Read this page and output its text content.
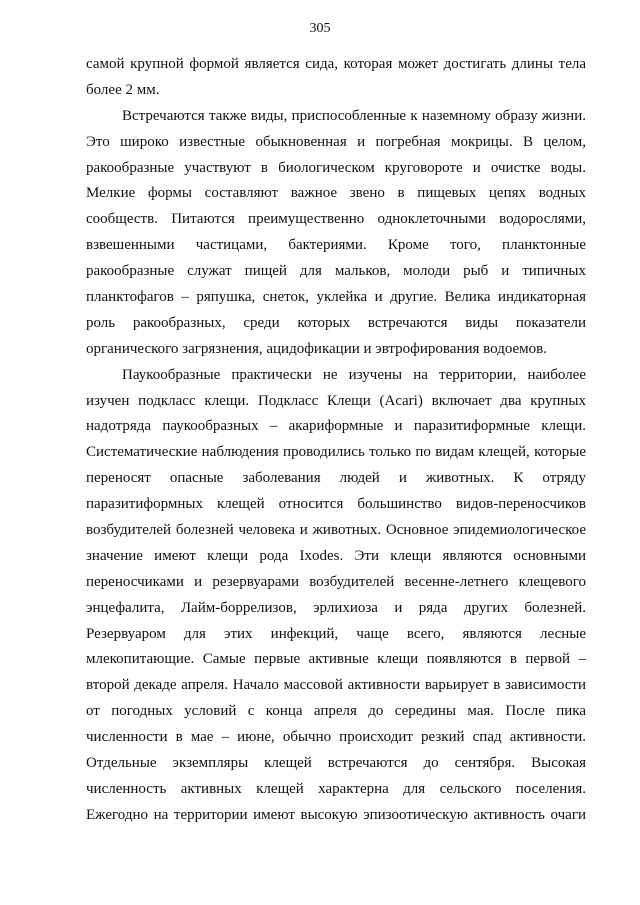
305
самой крупной формой является сида, которая может достигать длины тела
более 2 мм.
Встречаются также виды, приспособленные к наземному образу жизни.
Это широко известные обыкновенная и погребная мокрицы. В целом,
ракообразные участвуют в биологическом круговороте и очистке воды.
Мелкие формы составляют важное звено в пищевых цепях водных
сообществ. Питаются преимущественно одноклеточными водорослями,
взвешенными частицами, бактериями. Кроме того, планктонные
ракообразные служат пищей для мальков, молоди рыб и типичных
планктофагов – ряпушка, снеток, уклейка и другие. Велика индикаторная
роль ракообразных, среди которых встречаются виды показатели
органического загрязнения, ацидофикации и эвтрофирования водоемов.
Паукообразные практически не изучены на территории, наиболее
изучен подкласс клещи. Подкласс Клещи (Acari) включает два крупных
надотряда паукообразных – акариформные и паразитиформные клещи.
Систематические наблюдения проводились только по видам клещей, которые
переносят опасные заболевания людей и животных. К отряду
паразитиформных клещей относится большинство видов-переносчиков
возбудителей болезней человека и животных. Основное эпидемиологическое
значение имеют клещи рода Ixodes. Эти клещи являются основными
переносчиками и резервуарами возбудителей весенне-летнего клещевого
энцефалита, Лайм-боррелизов, эрлихиоза и ряда других болезней.
Резервуаром для этих инфекций, чаще всего, являются лесные
млекопитающие. Самые первые активные клещи появляются в первой –
второй декаде апреля. Начало массовой активности варьирует в зависимости
от погодных условий с конца апреля до середины мая. После пика
численности в мае – июне, обычно происходит резкий спад активности.
Отдельные экземпляры клещей встречаются до сентября. Высокая
численность активных клещей характерна для сельского поселения.
Ежегодно на территории имеют высокую эпизоотическую активность очаги
